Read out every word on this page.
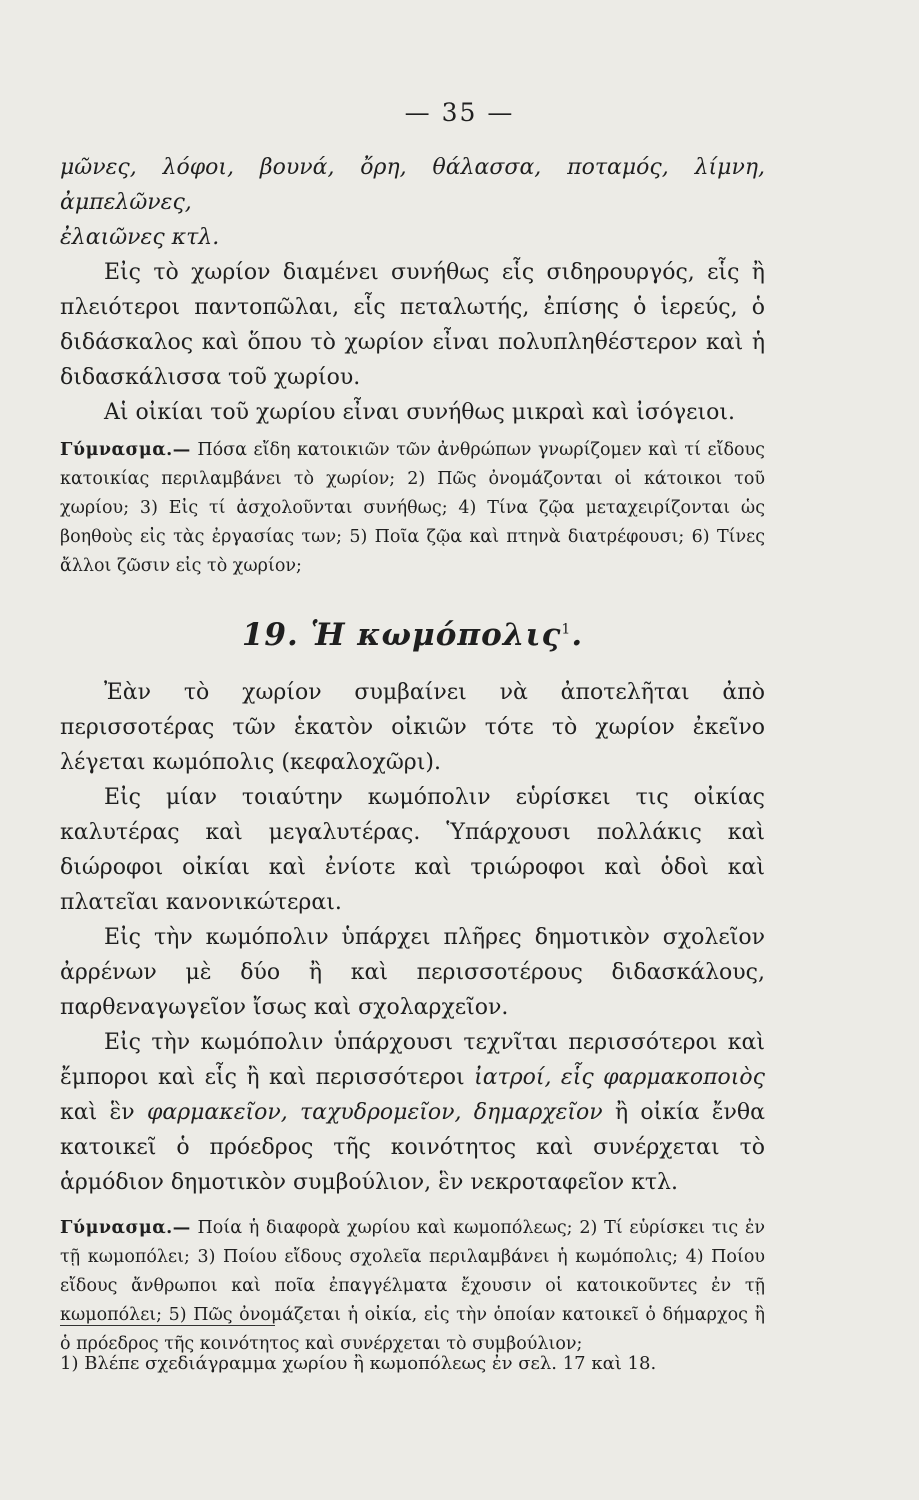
— 35 —

μῶνες, λόφοι, βουνά, ὄρη, θάλασσα, ποταμός, λίμνη, ἀμπελῶνες,

ἐλαιῶνες κτλ.

Εἰς τὸ χωρίον διαμένει συνήθως εἷς σιδηρουργός, εἷς ἢ πλειότεροι παντοπῶλαι, εἷς πεταλωτής, ἐπίσης ὁ ἱερεύς, ὁ διδάσκαλος καὶ ὅπου τὸ χωρίον εἶναι πολυπληθέστερον καὶ ἡ διδασκάλισσα τοῦ χωρίου.

Αἱ οἰκίαι τοῦ χωρίου εἶναι συνήθως μικραὶ καὶ ἰσόγειοι.

Γύμνασμα.— Πόσα εἴδη κατοικιῶν τῶν ἀνθρώπων γνωρίζομεν καὶ τί εἴδους κατοικίας περιλαμβάνει τὸ χωρίον; 2) Πῶς ὀνομάζονται οἱ κάτοικοι τοῦ χωρίου; 3) Εἰς τί ἀσχολοῦνται συνήθως; 4) Τίνα ζῷα μεταχειρίζονται ὡς βοηθοὺς εἰς τὰς ἐργασίας των; 5) Ποῖα ζῷα καὶ πτηνὰ διατρέφουσι; 6) Τίνες ἄλλοι ζῶσιν εἰς τὸ χωρίον;

19. Ἡ κωμόπολις$^1$.

Ἐὰν τὸ χωρίον συμβαίνει νὰ ἀποτελῆται ἀπὸ περισσοτέρας τῶν ἑκατὸν οἰκιῶν τότε τὸ χωρίον ἐκεῖνο λέγεται κωμόπολις (κεφαλοχῶρι).

Εἰς μίαν τοιαύτην κωμόπολιν εὑρίσκει τις οἰκίας καλυτέρας καὶ μεγαλυτέρας. Ὑπάρχουσι πολλάκις καὶ διώροφοι οἰκίαι καὶ ἐνίοτε καὶ τριώροφοι καὶ ὁδοὶ καὶ πλατεῖαι κανονικώτεραι.

Εἰς τὴν κωμόπολιν ὑπάρχει πλῆρες δημοτικὸν σχολεῖον ἀρρένων μὲ δύο ἢ καὶ περισσοτέρους διδασκάλους, παρθεναγωγεῖον ἴσως καὶ σχολαρχεῖον.

Εἰς τὴν κωμόπολιν ὑπάρχουσι τεχνῖται περισσότεροι καὶ ἔμποροι καὶ εἷς ἢ καὶ περισσότεροι ἰατροί, εἷς φαρμακοποιὸς καὶ ἓν φαρμακεῖον, ταχυδρομεῖον, δημαρχεῖον ἢ οἰκία ἔνθα κατοικεῖ ὁ πρόεδρος τῆς κοινότητος καὶ συνέρχεται τὸ ἁρμόδιον δημοτικὸν συμβούλιον, ἓν νεκροταφεῖον κτλ.

Γύμνασμα.— Ποία ἡ διαφορὰ χωρίου καὶ κωμοπόλεως; 2) Τί εὑρίσκει τις ἐν τῇ κωμοπόλει; 3) Ποίου εἴδους σχολεῖα περιλαμβάνει ἡ κωμόπολις; 4) Ποίου εἴδους ἄνθρωποι καὶ ποῖα ἐπαγγέλματα ἔχουσιν οἱ κατοικοῦντες ἐν τῇ κωμοπόλει; 5) Πῶς ὀνομάζεται ἡ οἰκία, εἰς τὴν ὁποίαν κατοικεῖ ὁ δήμαρχος ἢ ὁ πρόεδρος τῆς κοινότητος καὶ συνέρχεται τὸ συμβούλιον;

1) Βλέπε σχεδιάγραμμα χωρίου ἢ κωμοπόλεως ἐν σελ. 17 καὶ 18.
